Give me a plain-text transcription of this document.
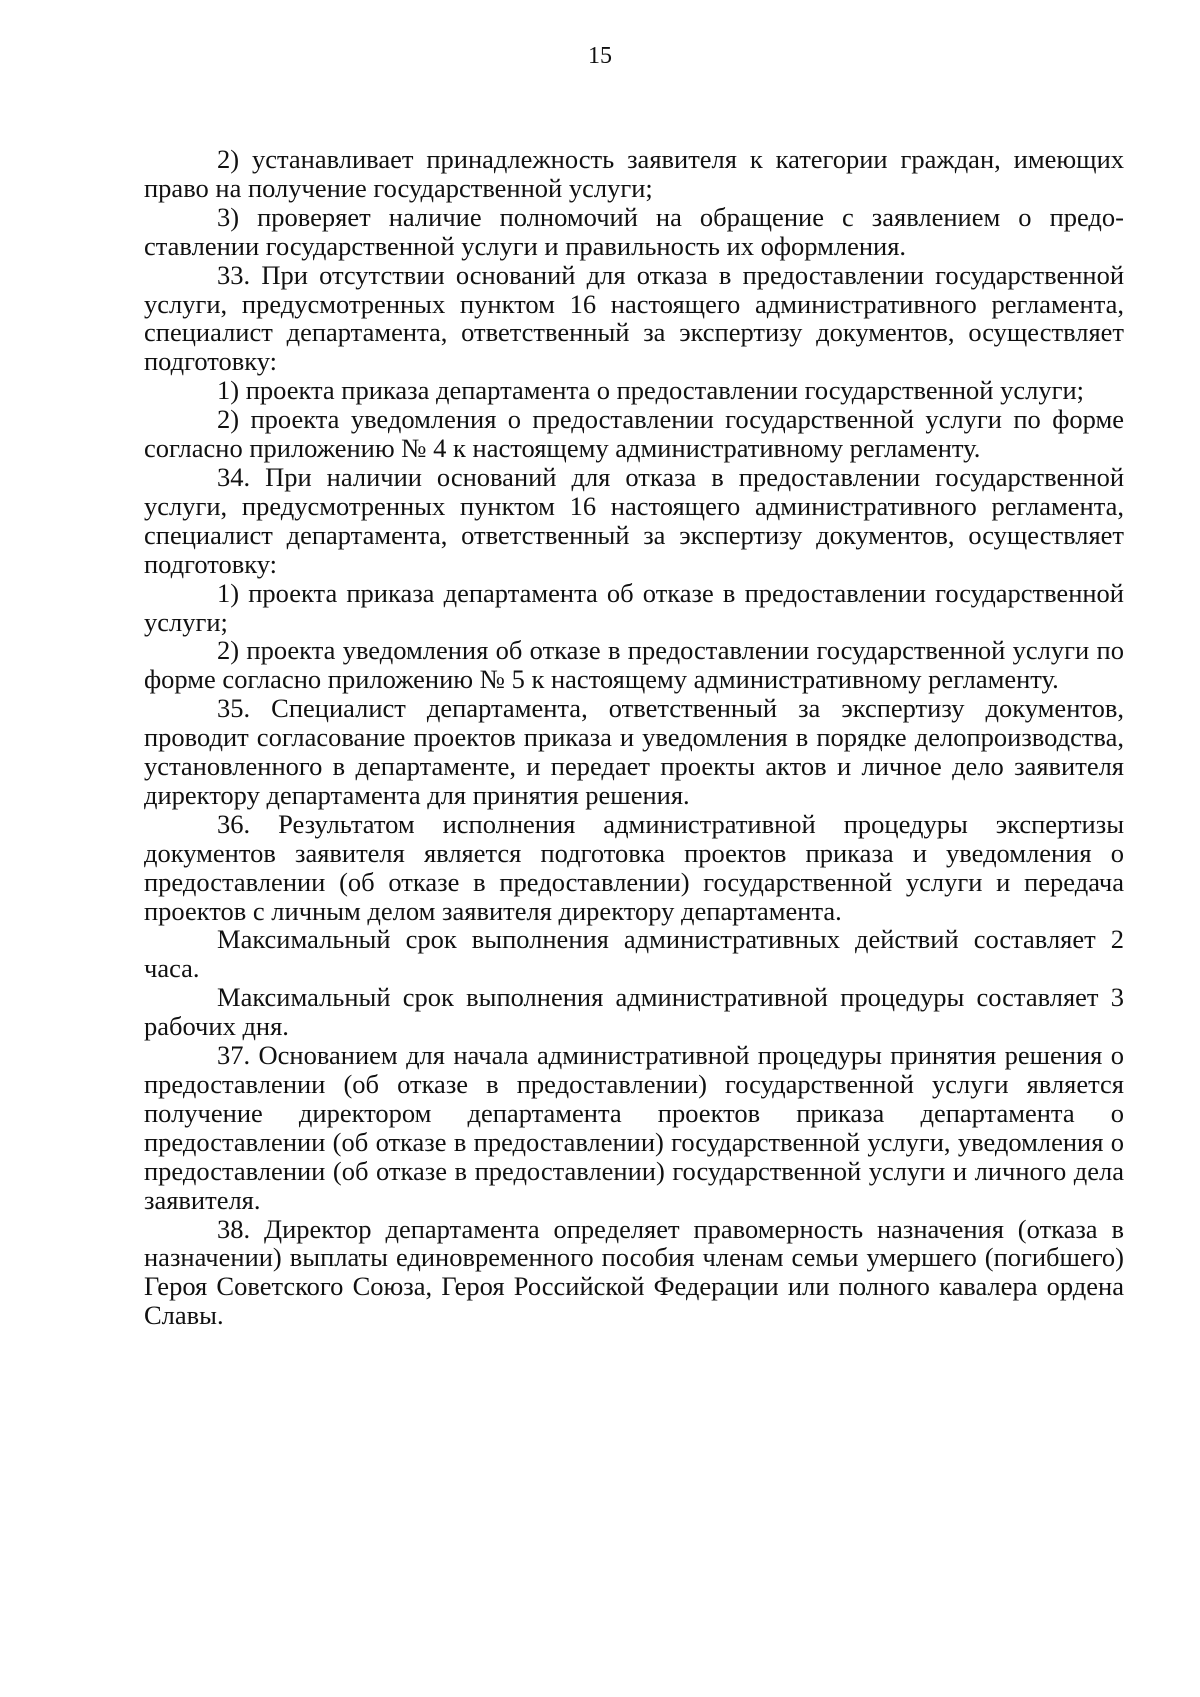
15

2) устанавливает принадлежность заявителя к категории граждан, имеющих право на получение государственной услуги;

3) проверяет наличие полномочий на обращение с заявлением о предоставлении государственной услуги и правильность их оформления.

33. При отсутствии оснований для отказа в предоставлении государственной услуги, предусмотренных пунктом 16 настоящего административного регламента, специалист департамента, ответственный за экспертизу документов, осуществляет подготовку:

1) проекта приказа департамента о предоставлении государственной услуги;

2) проекта уведомления о предоставлении государственной услуги по форме согласно приложению № 4 к настоящему административному регламенту.

34. При наличии оснований для отказа в предоставлении государственной услуги, предусмотренных пунктом 16 настоящего административного регламента, специалист департамента, ответственный за экспертизу документов, осуществляет подготовку:

1) проекта приказа департамента об отказе в предоставлении государственной услуги;

2) проекта уведомления об отказе в предоставлении государственной услуги по форме согласно приложению № 5 к настоящему административному регламенту.

35. Специалист департамента, ответственный за экспертизу документов, проводит согласование проектов приказа и уведомления в порядке делопроизводства, установленного в департаменте, и передает проекты актов и личное дело заявителя директору департамента для принятия решения.

36. Результатом исполнения административной процедуры экспертизы документов заявителя является подготовка проектов приказа и уведомления о предоставлении (об отказе в предоставлении) государственной услуги и передача проектов с личным делом заявителя директору департамента.

Максимальный срок выполнения административных действий составляет 2 часа.

Максимальный срок выполнения административной процедуры составляет 3 рабочих дня.

37. Основанием для начала административной процедуры принятия решения о предоставлении (об отказе в предоставлении) государственной услуги является получение директором департамента проектов приказа департамента о предоставлении (об отказе в предоставлении) государственной услуги, уведомления о предоставлении (об отказе в предоставлении) государственной услуги и личного дела заявителя.

38. Директор департамента определяет правомерность назначения (отказа в назначении) выплаты единовременного пособия членам семьи умершего (погибшего) Героя Советского Союза, Героя Российской Федерации или полного кавалера ордена Славы.
